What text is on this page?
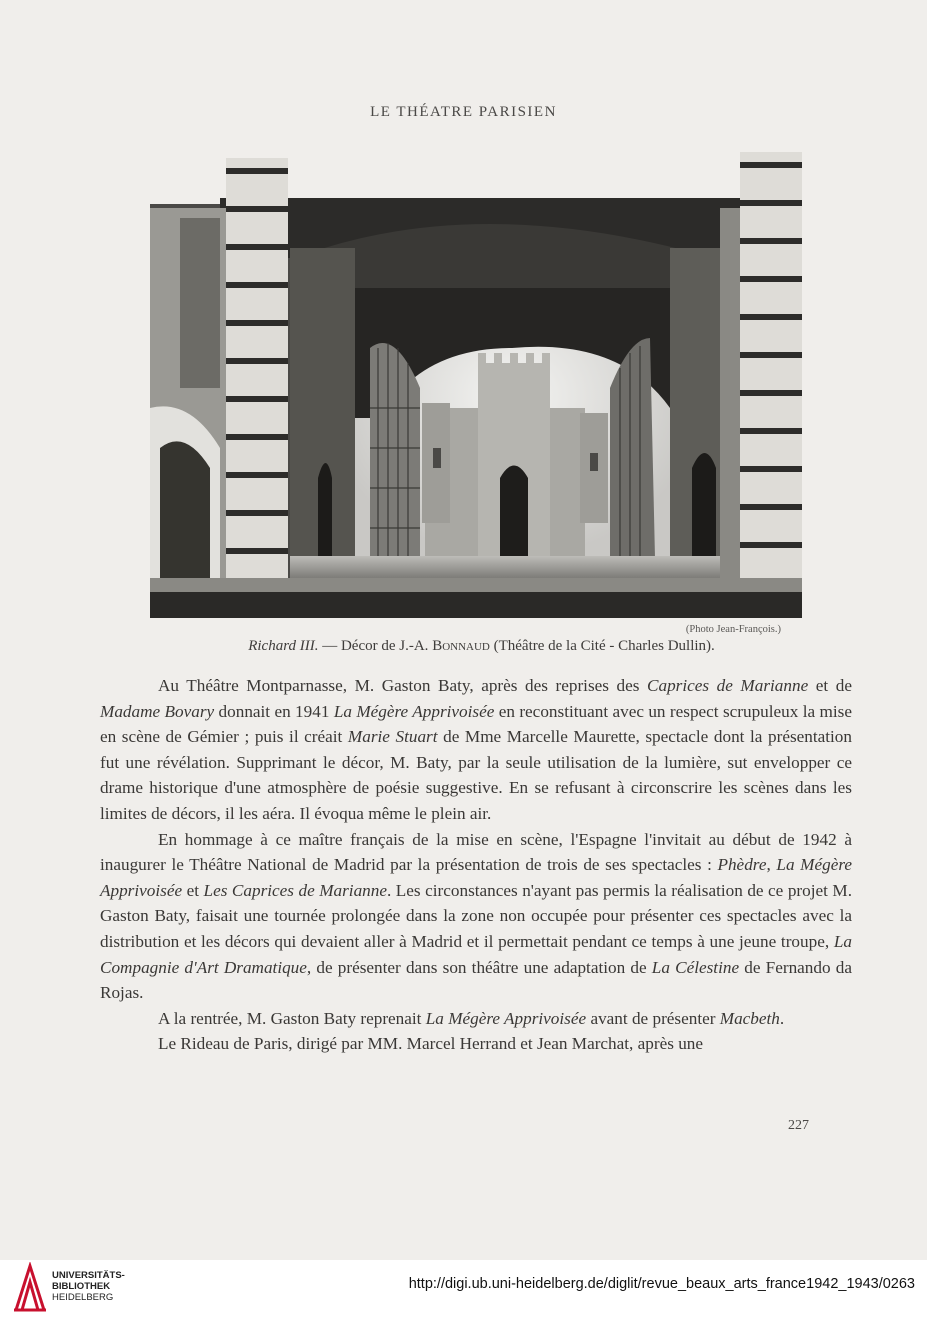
LE THÉATRE PARISIEN
(Photo Jean-François.)
Richard III. — Décor de J.-A. Bonnaud (Théâtre de la Cité - Charles Dullin).

Au Théâtre Montparnasse, M. Gaston Baty, après des reprises des Caprices de Marianne et de Madame Bovary donnait en 1941 La Mégère Apprivoisée en reconstituant avec un respect scrupuleux la mise en scène de Gémier ; puis il créait Marie Stuart de Mme Marcelle Maurette, spectacle dont la présentation fut une révélation. Supprimant le décor, M. Baty, par la seule utilisation de la lumière, sut envelopper ce drame historique d'une atmosphère de poésie suggestive. En se refusant à circonscrire les scènes dans les limites de décors, il les aéra. Il évoqua même le plein air.

En hommage à ce maître français de la mise en scène, l'Espagne l'invitait au début de 1942 à inaugurer le Théâtre National de Madrid par la présentation de trois de ses spectacles : Phèdre, La Mégère Apprivoisée et Les Caprices de Marianne. Les circonstances n'ayant pas permis la réalisation de ce projet M. Gaston Baty, faisait une tournée prolongée dans la zone non occupée pour présenter ces spectacles avec la distribution et les décors qui devaient aller à Madrid et il permettait pendant ce temps à une jeune troupe, La Compagnie d'Art Dramatique, de présenter dans son théâtre une adaptation de La Célestine de Fernando da Rojas.

A la rentrée, M. Gaston Baty reprenait La Mégère Apprivoisée avant de présenter Macbeth.

Le Rideau de Paris, dirigé par MM. Marcel Herrand et Jean Marchat, après une

227
UNIVERSITÄTS-
BIBLIOTHEK
HEIDELBERG
http://digi.ub.uni-heidelberg.de/diglit/revue_beaux_arts_france1942_1943/0263
